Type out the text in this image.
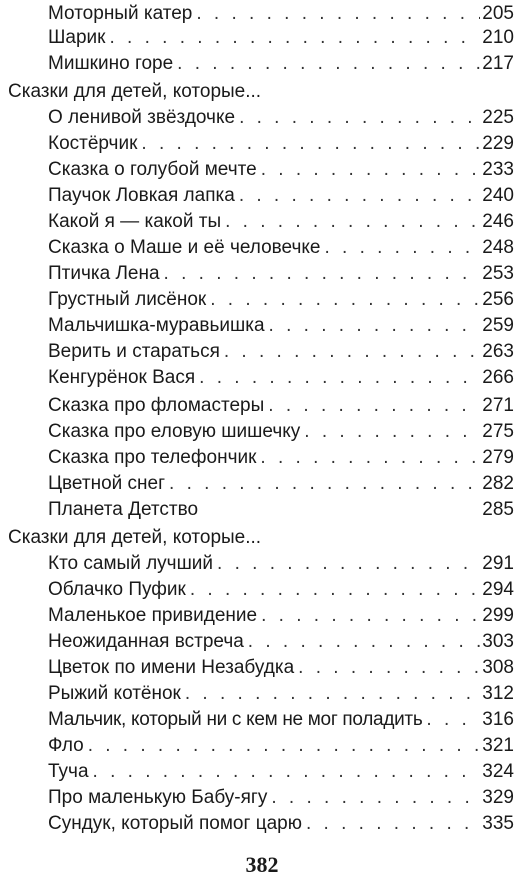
Моторный катер . . .	205
Шарик . . .	210
Мишкино горе . . .	217
Сказки для детей, которые...
О ленивой звёздочке . . .	225
Костёрчик . . .	229
Сказка о голубой мечте . . .	233
Паучок Ловкая лапка . . .	240
Какой я — какой ты . . .	246
Сказка о Маше и её человечке . . .	248
Птичка Лена . . .	253
Грустный лисёнок . . .	256
Мальчишка-муравьишка . . .	259
Верить и стараться . . .	263
Кенгурёнок Вася . . .	266
Сказка про фломастеры . . .	271
Сказка про еловую шишечку . . .	275
Сказка про телефончик . . .	279
Цветной снег . . .	282
Планета Детство	285
Сказки для детей, которые...
Кто самый лучший . . .	291
Облачко Пуфик . . .	294
Маленькое привидение . . .	299
Неожиданная встреча . . .	303
Цветок по имени Незабудка . . .	308
Рыжий котёнок . . .	312
Мальчик, который ни с кем не мог поладить . . .	316
Фло . . .	321
Туча . . .	324
Про маленькую Бабу-ягу . . .	329
Сундук, который помог царю . . .	335
382
